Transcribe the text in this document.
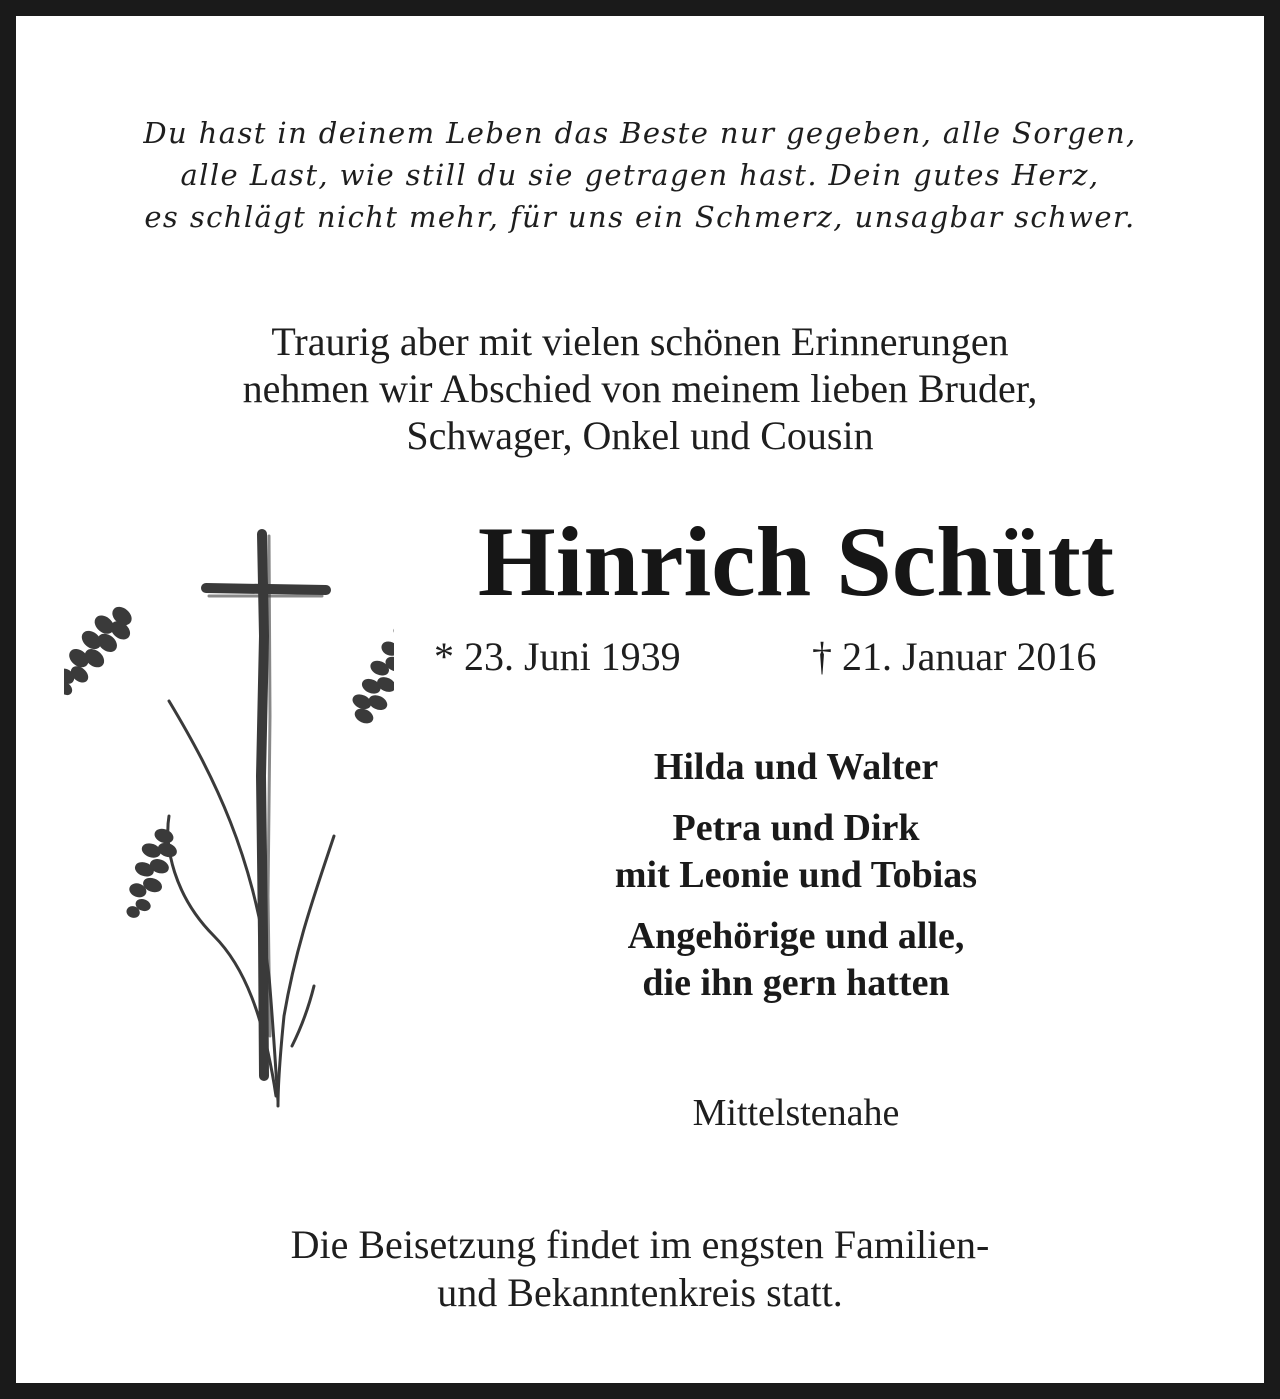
Du hast in deinem Leben das Beste nur gegeben, alle Sorgen,
alle Last, wie still du sie getragen hast. Dein gutes Herz,
es schlägt nicht mehr, für uns ein Schmerz, unsagbar schwer.
Traurig aber mit vielen schönen Erinnerungen
nehmen wir Abschied von meinem lieben Bruder,
Schwager, Onkel und Cousin
Hinrich Schütt
* 23. Juni 1939	† 21. Januar 2016
Hilda und Walter
Petra und Dirk
mit Leonie und Tobias
Angehörige und alle,
die ihn gern hatten
Mittelstenahe
Die Beisetzung findet im engsten Familien-
und Bekanntenkreis statt.
